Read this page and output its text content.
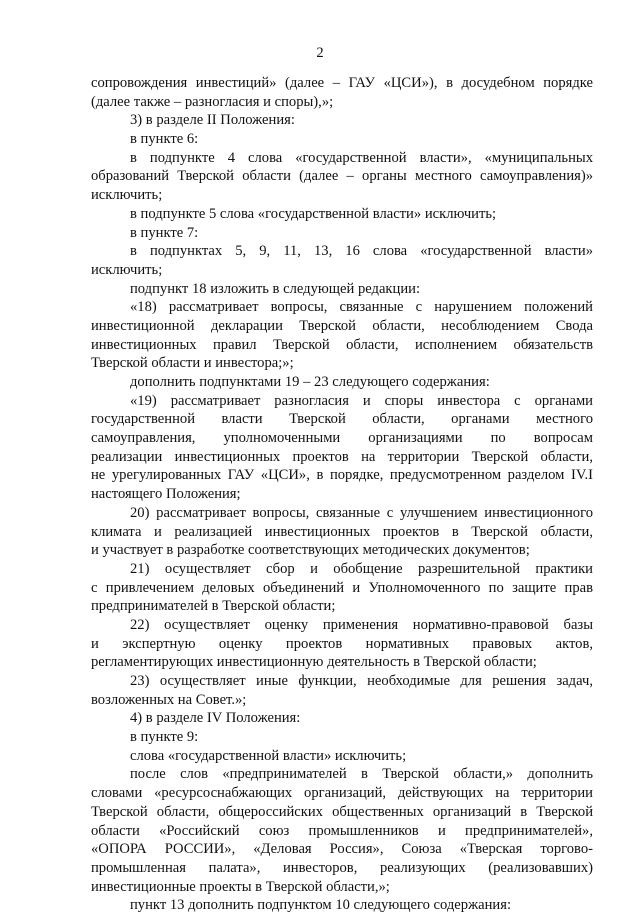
2
сопровождения инвестиций» (далее – ГАУ «ЦСИ»), в досудебном порядке
(далее также – разногласия и споры),»;
3) в разделе II Положения:
в пункте 6:
в подпункте 4 слова «государственной власти», «муниципальных
образований Тверской области (далее – органы местного самоуправления)»
исключить;
в подпункте 5 слова «государственной власти» исключить;
в пункте 7:
в подпунктах 5, 9, 11, 13, 16 слова «государственной власти»
исключить;
подпункт 18 изложить в следующей редакции:
«18) рассматривает вопросы, связанные с нарушением положений
инвестиционной декларации Тверской области, несоблюдением Свода
инвестиционных правил Тверской области, исполнением обязательств
Тверской области и инвестора;»;
дополнить подпунктами 19 – 23 следующего содержания:
«19) рассматривает разногласия и споры инвестора с органами
государственной власти Тверской области, органами местного
самоуправления, уполномоченными организациями по вопросам
реализации инвестиционных проектов на территории Тверской области,
не урегулированных ГАУ «ЦСИ», в порядке, предусмотренном разделом IV.I
настоящего Положения;
20) рассматривает вопросы, связанные с улучшением инвестиционного
климата и реализацией инвестиционных проектов в Тверской области,
и участвует в разработке соответствующих методических документов;
21) осуществляет сбор и обобщение разрешительной практики
с привлечением деловых объединений и Уполномоченного по защите прав
предпринимателей в Тверской области;
22) осуществляет оценку применения нормативно-правовой базы
и экспертную оценку проектов нормативных правовых актов,
регламентирующих инвестиционную деятельность в Тверской области;
23) осуществляет иные функции, необходимые для решения задач,
возложенных на Совет.»;
4) в разделе IV Положения:
в пункте 9:
слова «государственной власти» исключить;
после слов «предпринимателей в Тверской области,» дополнить
словами «ресурсоснабжающих организаций, действующих на территории
Тверской области, общероссийских общественных организаций в Тверской
области «Российский союз промышленников и предпринимателей»,
«ОПОРА РОССИИ», «Деловая Россия», Союза «Тверская торгово-
промышленная палата», инвесторов, реализующих (реализовавших)
инвестиционные проекты в Тверской области,»;
пункт 13 дополнить подпунктом 10 следующего содержания:
